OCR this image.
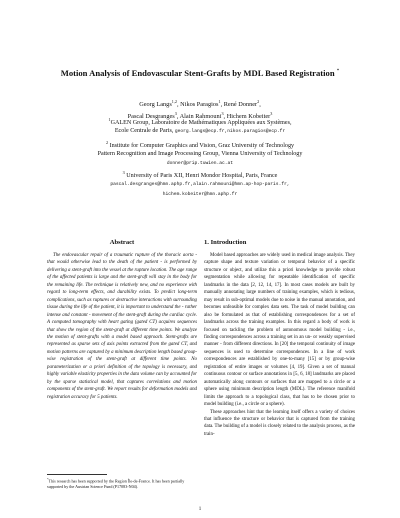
Motion Analysis of Endovascular Stent-Grafts by MDL Based Registration *
Georg Langs$^{1,2}$, Nikos Paragios$^1$, René Donner$^2$,
Pascal Desgranges$^3$, Alain Rahmouni$^3$, Hichem Kobeiter$^3$
$^1$GALEN Group, Laboratoire de Mathématiques Appliquées aux Systèmes,
Ecole Centrale de Paris, georg.langs@ecp.fr,nikos.paragios@ecp.fr
$^2$ Institute for Computer Graphics and Vision, Graz University of Technology
Pattern Recognition and Image Processing Group, Vienna University of Technology
donner@prip.tuwien.ac.at
$^3$ University of Paris XII, Henri Mondor Hospital, Paris, France
pascal.desgranges@hmn.aphp.fr,alain.rahmouni@hmn.ap-hop-paris.fr,
hichem.kobeiter@hmn.aphp.fr
Abstract

The endovascular repair of a traumatic rupture of the thoracic aorta - that would otherwise lead to the death of the patient - is performed by delivering a stent-graft into the vessel at the rupture location. The age range of the affected patients is large and the stent-graft will stay in the body for the remaining life. The technique is relatively new, and no experience with regard to long-term effects, and durability exists. To predict long-term complications, such as ruptures or destructive interactions with surrounding tissue during the life of the patient, it is important to understand the - rather intense and constant - movement of the stent-graft during the cardiac cycle. A computed tomography with heart gating (gated CT) acquires sequences that show the region of the stent-graft at different time points. We analyze the motion of stent-grafts with a model based approach. Stent-grafts are represented as sparse sets of axis points extracted from the gated CT, and motion patterns are captured by a minimum description length based group-wise registration of the stent-graft at different time points. No parameterization or a priori definition of the topology is necessary, and highly variable elasticity properties in the data volume can by accounted for by the sparse statistical model, that captures correlations and motion components of the stent-graft. We report results for deformation models and registration accuracy for 5 patients.

1. Introduction

Model based approaches are widely used in medical image analysis. They capture shape and texture variation or temporal behavior of a specific structure or object, and utilize this a priori knowledge to provide robust segmentation while allowing for repeatable identification of specific landmarks in the data [2, 12, 14, 17]. In most cases models are built by manually annotating large numbers of training examples, which is tedious, may result in sub-optimal models due to noise in the manual annotation, and becomes unfeasible for complex data sets. The task of model building can also be formulated as that of establishing correspondences for a set of landmarks across the training examples. In this regard a body of work is focused on tackling the problem of autonomous model building - i.e., finding correspondences across a training set in an un- or weakly supervised manner - from different directions. In [20] the temporal continuity of image sequences is used to determine correspondences. In a line of work correspondences are established by one-to-many [15] or by group-wise registration of entire images or volumes [4, 19]. Given a set of manual continuous contour or surface annotations in [5, 6, 18] landmarks are placed automatically along contours or surfaces that are mapped to a circle or a sphere using minimum description length (MDL). The reference manifold limits the approach to a topological class, that has to be chosen prior to model building (i.e., a circle or a sphere).

These approaches hint that the learning itself offers a variety of choices that influence the structure or behavior that is captured from the training data. The building of a model is closely related to the analysis process, as the train-

*This research has been supported by the Region Île-de-France. It has been partially supported by the Austrian Science Fund (P17083-N04).
1
